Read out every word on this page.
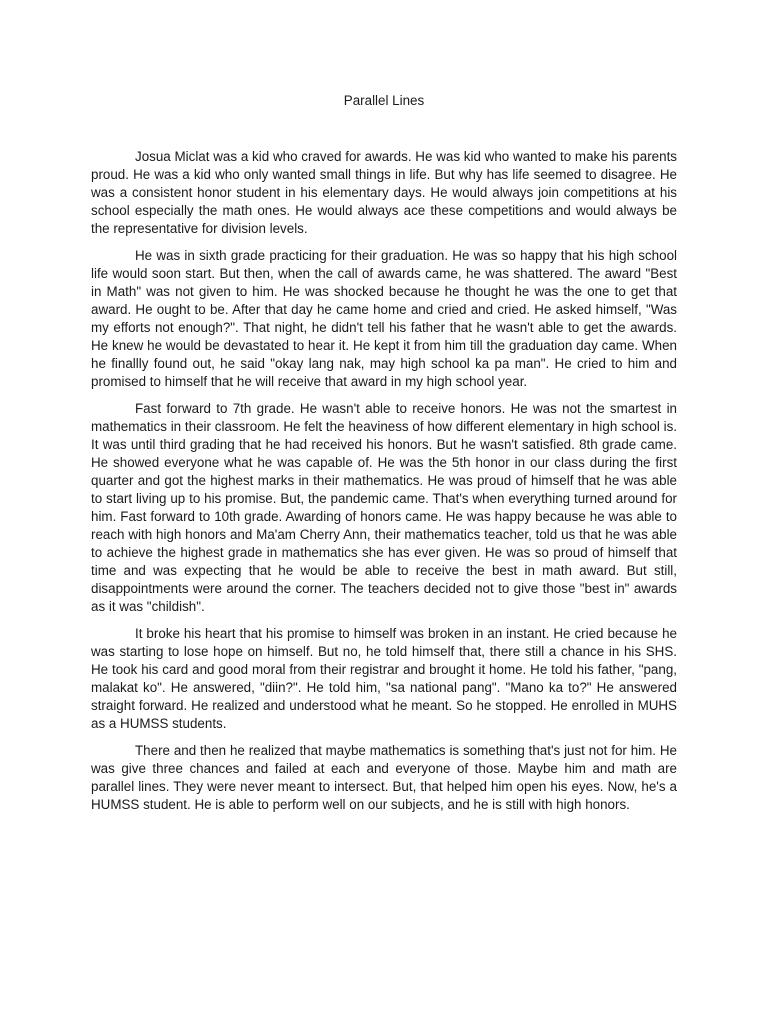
Parallel Lines

Josua Miclat was a kid who craved for awards. He was kid who wanted to make his parents proud. He was a kid who only wanted small things in life. But why has life seemed to disagree. He was a consistent honor student in his elementary days. He would always join competitions at his school especially the math ones. He would always ace these competitions and would always be the representative for division levels.

He was in sixth grade practicing for their graduation. He was so happy that his high school life would soon start. But then, when the call of awards came, he was shattered. The award "Best in Math" was not given to him. He was shocked because he thought he was the one to get that award. He ought to be. After that day he came home and cried and cried. He asked himself, "Was my efforts not enough?". That night, he didn't tell his father that he wasn't able to get the awards. He knew he would be devastated to hear it. He kept it from him till the graduation day came. When he finallly found out, he said "okay lang nak, may high school ka pa man". He cried to him and promised to himself that he will receive that award in my high school year.

Fast forward to 7th grade. He wasn't able to receive honors. He was not the smartest in mathematics in their classroom. He felt the heaviness of how different elementary in high school is. It was until third grading that he had received his honors. But he wasn't satisfied. 8th grade came. He showed everyone what he was capable of. He was the 5th honor in our class during the first quarter and got the highest marks in their mathematics. He was proud of himself that he was able to start living up to his promise. But, the pandemic came. That's when everything turned around for him. Fast forward to 10th grade. Awarding of honors came. He was happy because he was able to reach with high honors and Ma'am Cherry Ann, their mathematics teacher, told us that he was able to achieve the highest grade in mathematics she has ever given. He was so proud of himself that time and was expecting that he would be able to receive the best in math award. But still, disappointments were around the corner. The teachers decided not to give those "best in" awards as it was "childish".

It broke his heart that his promise to himself was broken in an instant. He cried because he was starting to lose hope on himself. But no, he told himself that, there still a chance in his SHS. He took his card and good moral from their registrar and brought it home. He told his father, "pang, malakat ko". He answered, "diin?". He told him, "sa national pang". "Mano ka to?" He answered straight forward. He realized and understood what he meant. So he stopped. He enrolled in MUHS as a HUMSS students.

There and then he realized that maybe mathematics is something that's just not for him. He was give three chances and failed at each and everyone of those. Maybe him and math are parallel lines. They were never meant to intersect. But, that helped him open his eyes. Now, he's a HUMSS student. He is able to perform well on our subjects, and he is still with high honors.
